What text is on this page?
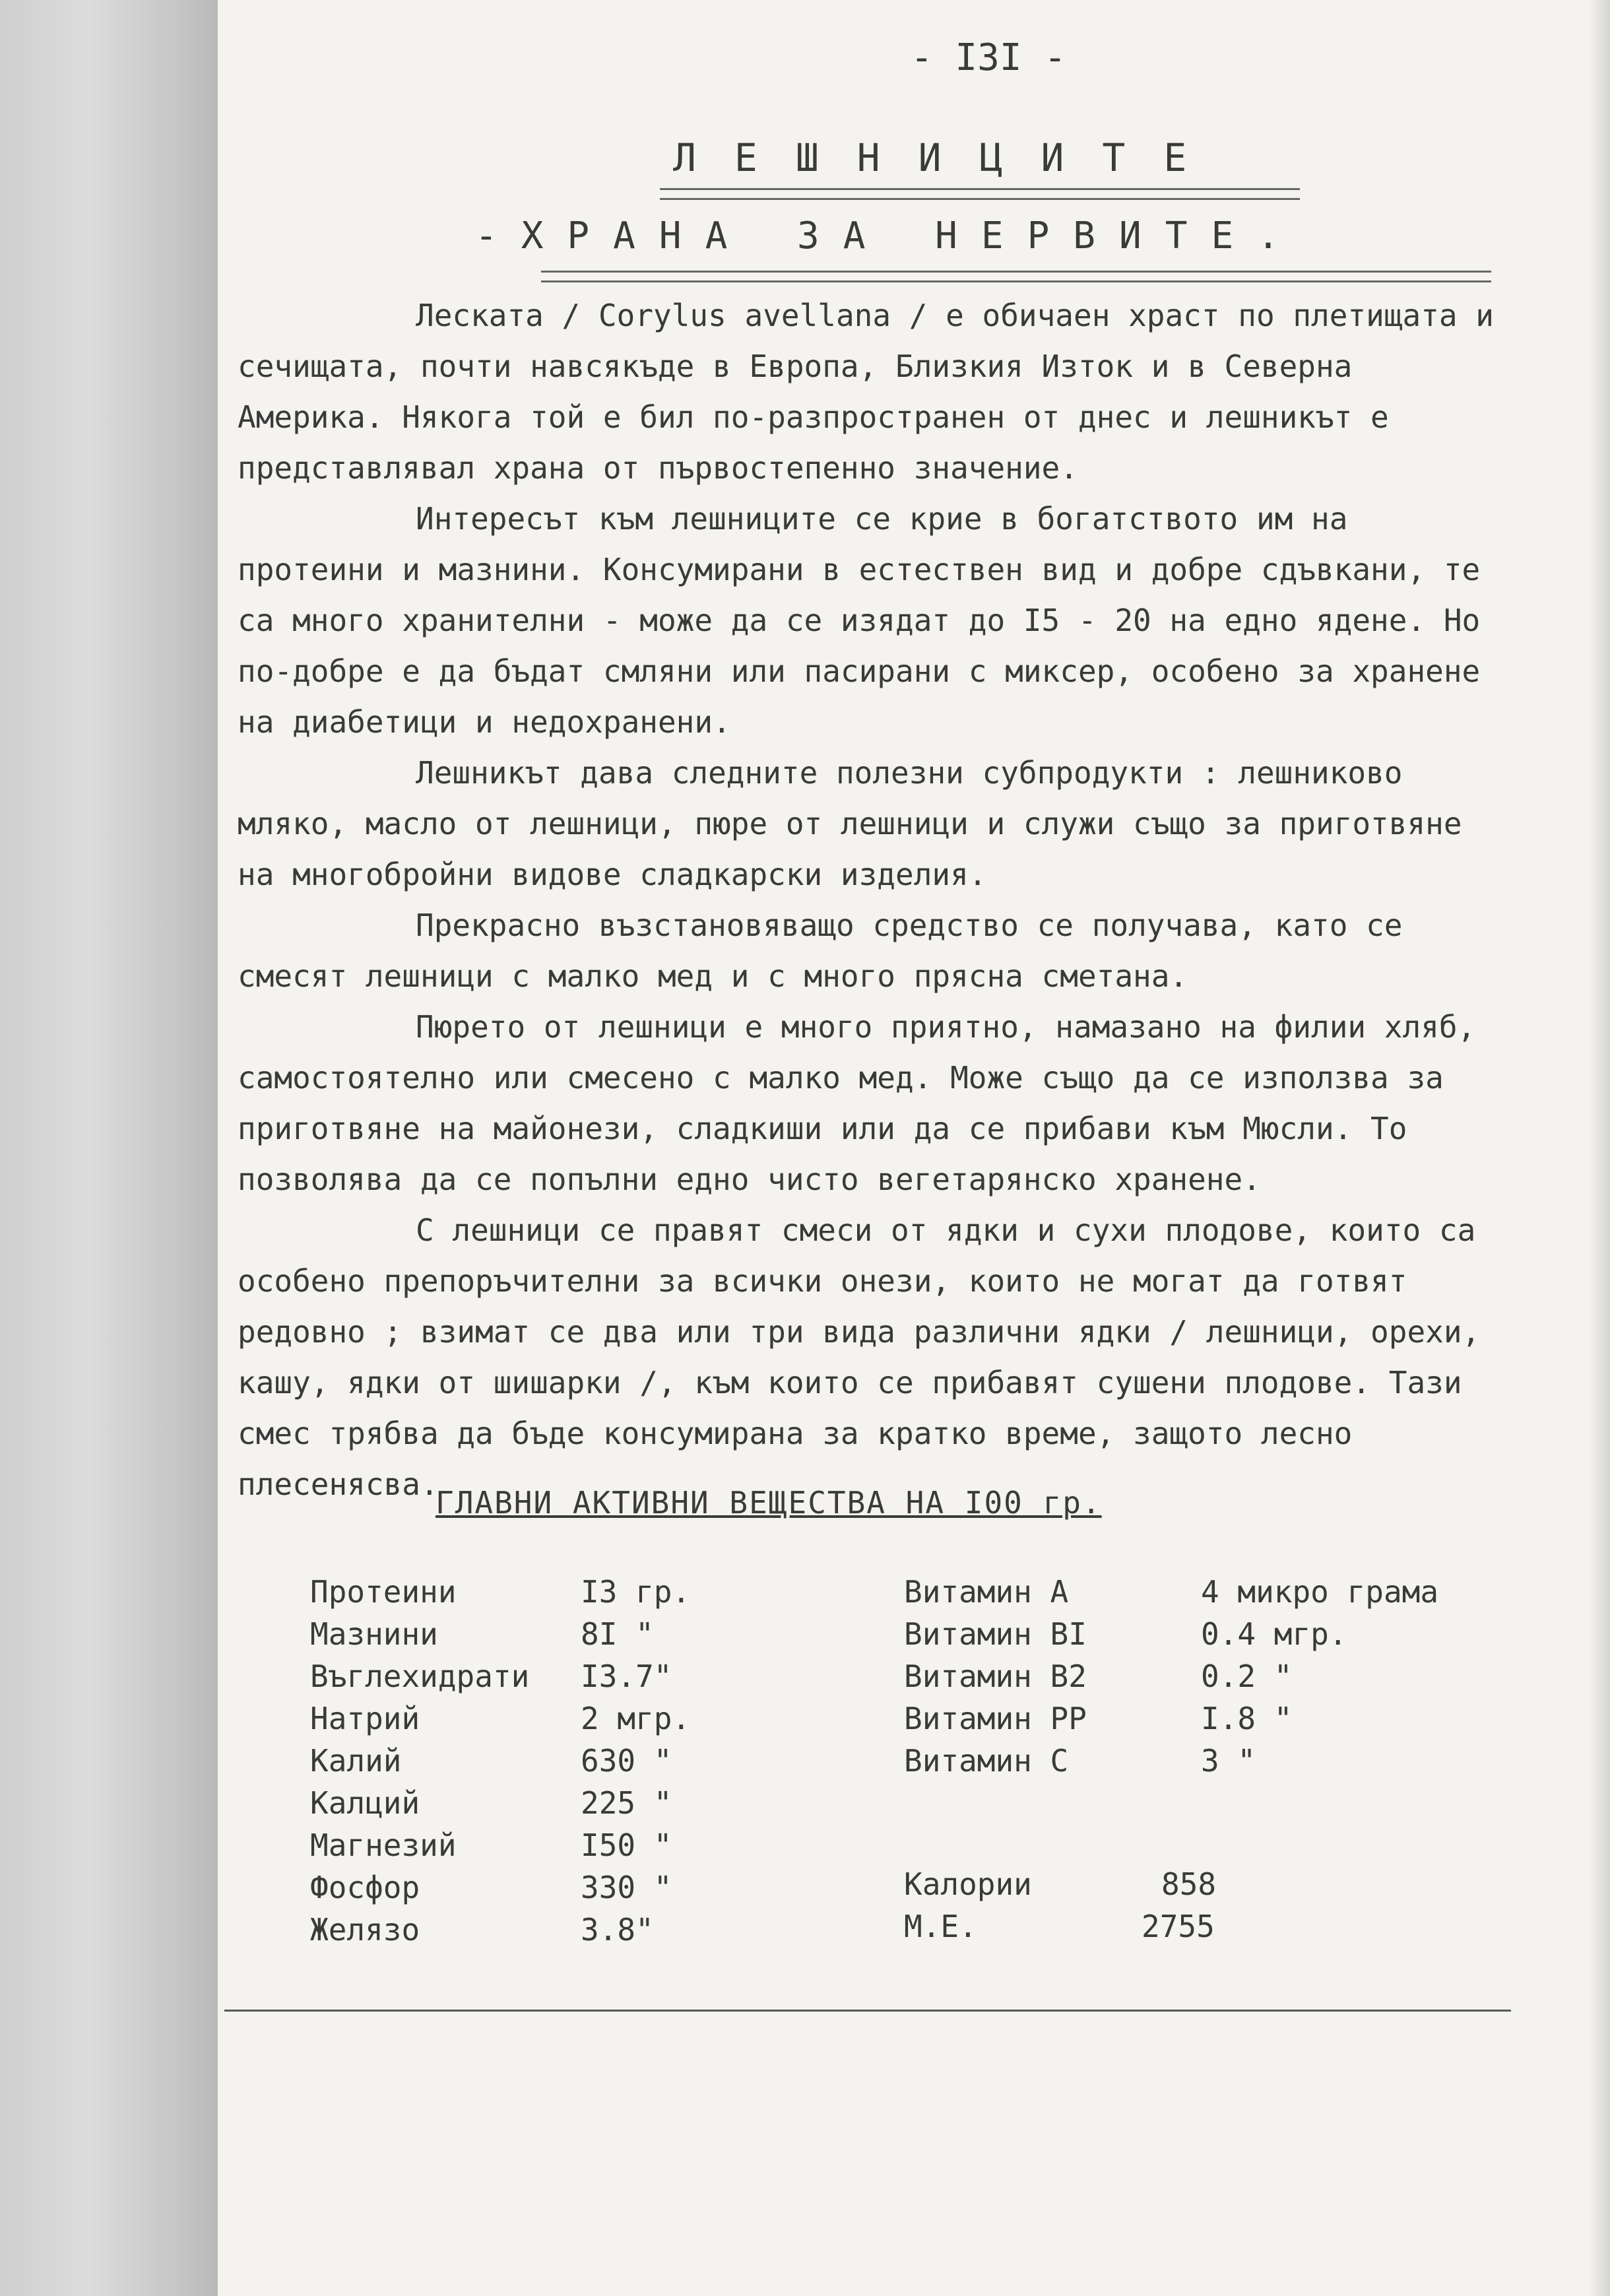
- I3I -
ЛЕШНИЦИТЕ
-ХРАНА ЗА НЕРВИТЕ.

Леската / Corylus avellana / е обичаен храст по плетищата и сечищата, почти навсякъде в Европа, Близкия Изток и в Северна Америка. Някога той е бил по-разпространен от днес и лешникът е представлявал храна от първостепенно значение.

Интересът към лешниците се крие в богатството им на протеини и мазнини. Консумирани в естествен вид и добре сдъвкани, те са много хранителни - може да се изядат до I5 - 20 на едно ядене. Но по-добре е да бъдат смляни или пасирани с миксер, особено за хранене на диабетици и недохранени.

Лешникът дава следните полезни субпродукти : лешниково мляко, масло от лешници, пюре от лешници и служи също за приготвяне на многобройни видове сладкарски изделия.

Прекрасно възстановяващо средство се получава, като се смесят лешници с малко мед и с много прясна сметана.

Пюрето от лешници е много приятно, намазано на филии хляб, самостоятелно или смесено с малко мед. Може също да се използва за приготвяне на майонези, сладкиши или да се прибави към Мюсли. То позволява да се попълни едно чисто вегетарянско хранене.

С лешници се правят смеси от ядки и сухи плодове, които са особено препоръчителни за всички онези, които не могат да готвят редовно ; взимат се два или три вида различни ядки / лешници, орехи, кашу, ядки от шишарки /, към които се прибавят сушени плодове. Тази смес трябва да бъде консумирана за кратко време, защото лесно плесенясва.

ГЛАВНИ АКТИВНИ ВЕЩЕСТВА НА I00 гр.
Протеини
Мазнини
Въглехидрати
Натрий
Калий
Калций
Магнезий
Фосфор
Желязо
I3 гр.
8I "
I3.7"
2 мгр.
630 "
225 "
I50 "
330 "
3.8"
Витамин A
Витамин BI
Витамин B2
Витамин PP
Витамин C
4 микро грама
0.4 мгр.
0.2 "
I.8 "
3 "
Калории	858
М.Е.	2755
